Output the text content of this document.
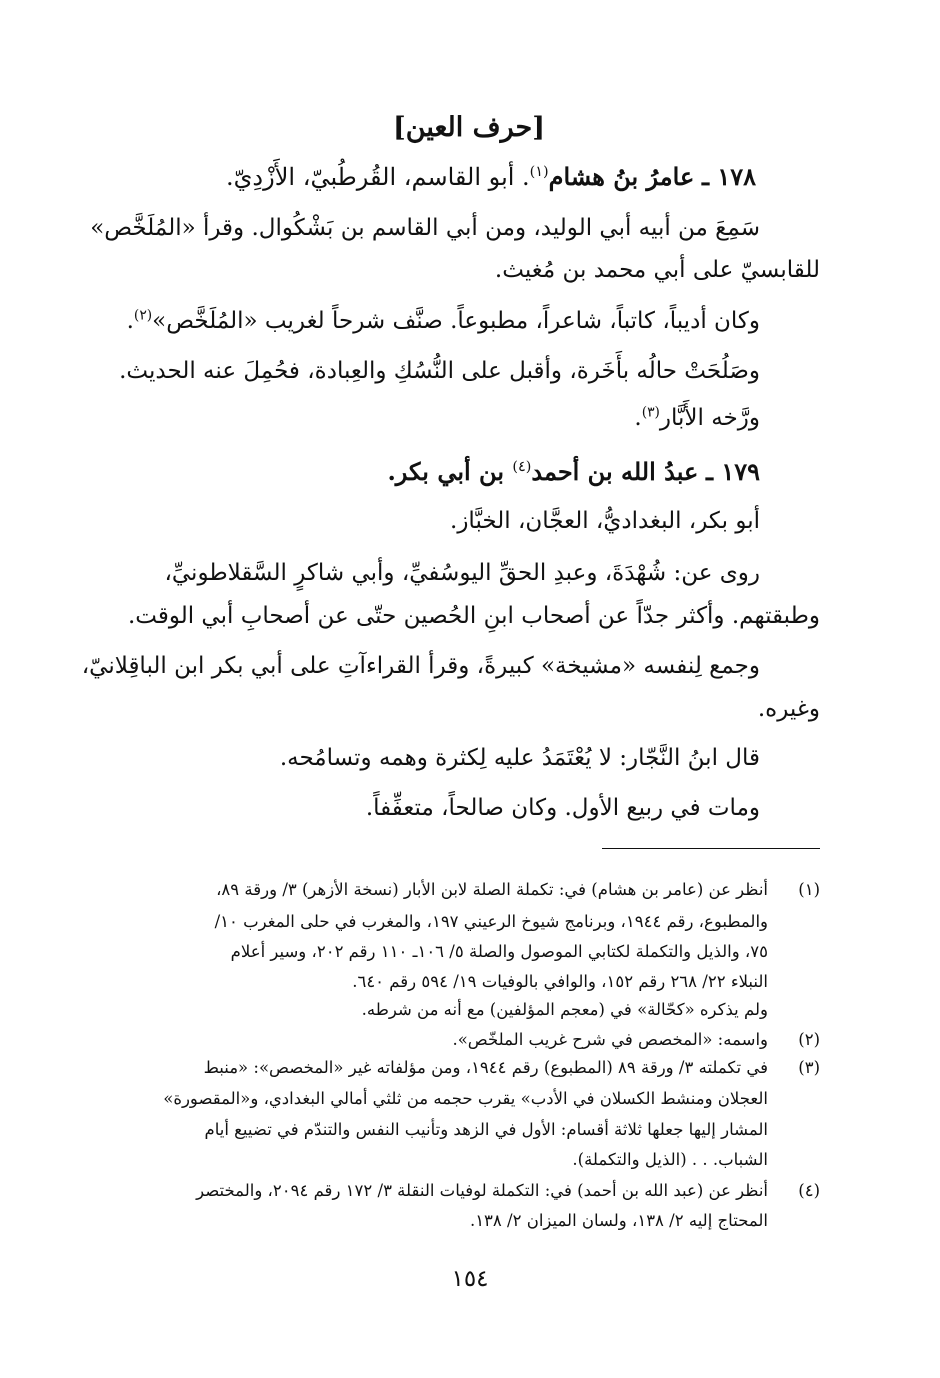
[حرف العين]
١٧٨ ـ عامرُ بنُ هشام$^{(١)}$. أبو القاسم، القُرطُبيّ، الأَزْدِيّ.
سَمِعَ من أبيه أبي الوليد، ومن أبي القاسم بن بَشْكُوال. وقرأ «المُلَخَّص»
للقابسيّ على أبي محمد بن مُغيث.
وكان أديباً، كاتباً، شاعراً، مطبوعاً. صنَّف شرحاً لغريب «المُلَخَّص»$^{(٢)}$.
وصَلُحَتْ حالُه بأَخَرة، وأقبل على النُّسُكِ والعِبادة، فحُمِلَ عنه الحديث.
ورَّخه الأَبَّار$^{(٣)}$.
١٧٩ ـ عبدُ الله بن أحمد$^{(٤)}$ بن أبي بكر.
أبو بكر، البغداديُّ، العجَّان، الخبَّاز.
روى عن: شُهْدَةَ، وعبدِ الحقِّ اليوسُفيِّ، وأبي شاكرٍ السَّقلاطونيِّ،
وطبقتهم. وأكثر جدّاً عن أصحاب ابنِ الحُصين حتّى عن أصحابِ أبي الوقت.
وجمع لِنفسه «مشيخة» كبيرةً، وقرأ القراءآتِ على أبي بكر ابن الباقِلانيّ،
وغيره.
قال ابنُ النَّجّار: لا يُعْتَمَدُ عليه لِكثرة وهمه وتسامُحه.
ومات في ربيع الأول. وكان صالحاً، متعفِّفاً.
(١)
أنظر عن (عامر بن هشام) في: تكملة الصلة لابن الأبار (نسخة الأزهر) ٣/ ورقة ٨٩،
والمطبوع، رقم ١٩٤٤، وبرنامج شيوخ الرعيني ١٩٧، والمغرب في حلى المغرب ١٠/
٧٥، والذيل والتكملة لكتابي الموصول والصلة ٥/ ١٠٦ـ ١١٠ رقم ٢٠٢، وسير أعلام
النبلاء ٢٢/ ٢٦٨ رقم ١٥٢، والوافي بالوفيات ١٩/ ٥٩٤ رقم ٦٤٠.
ولم يذكره «كحّالة» في (معجم المؤلفين) مع أنه من شرطه.
(٢)
واسمه: «المخصص في شرح غريب الملخّص».
(٣)
في تكملته ٣/ ورقة ٨٩ (المطبوع) رقم ١٩٤٤، ومن مؤلفاته غير «المخصص»: «منبط
العجلان ومنشط الكسلان في الأدب» يقرب حجمه من ثلثي أمالي البغدادي، و«المقصورة»
المشار إليها جعلها ثلاثة أقسام: الأول في الزهد وتأنيب النفس والتندّم في تضييع أيام
الشباب. . . (الذيل والتكملة).
(٤)
أنظر عن (عبد الله بن أحمد) في: التكملة لوفيات النقلة ٣/ ١٧٢ رقم ٢٠٩٤، والمختصر
المحتاج إليه ٢/ ١٣٨، ولسان الميزان ٢/ ١٣٨.
١٥٤
